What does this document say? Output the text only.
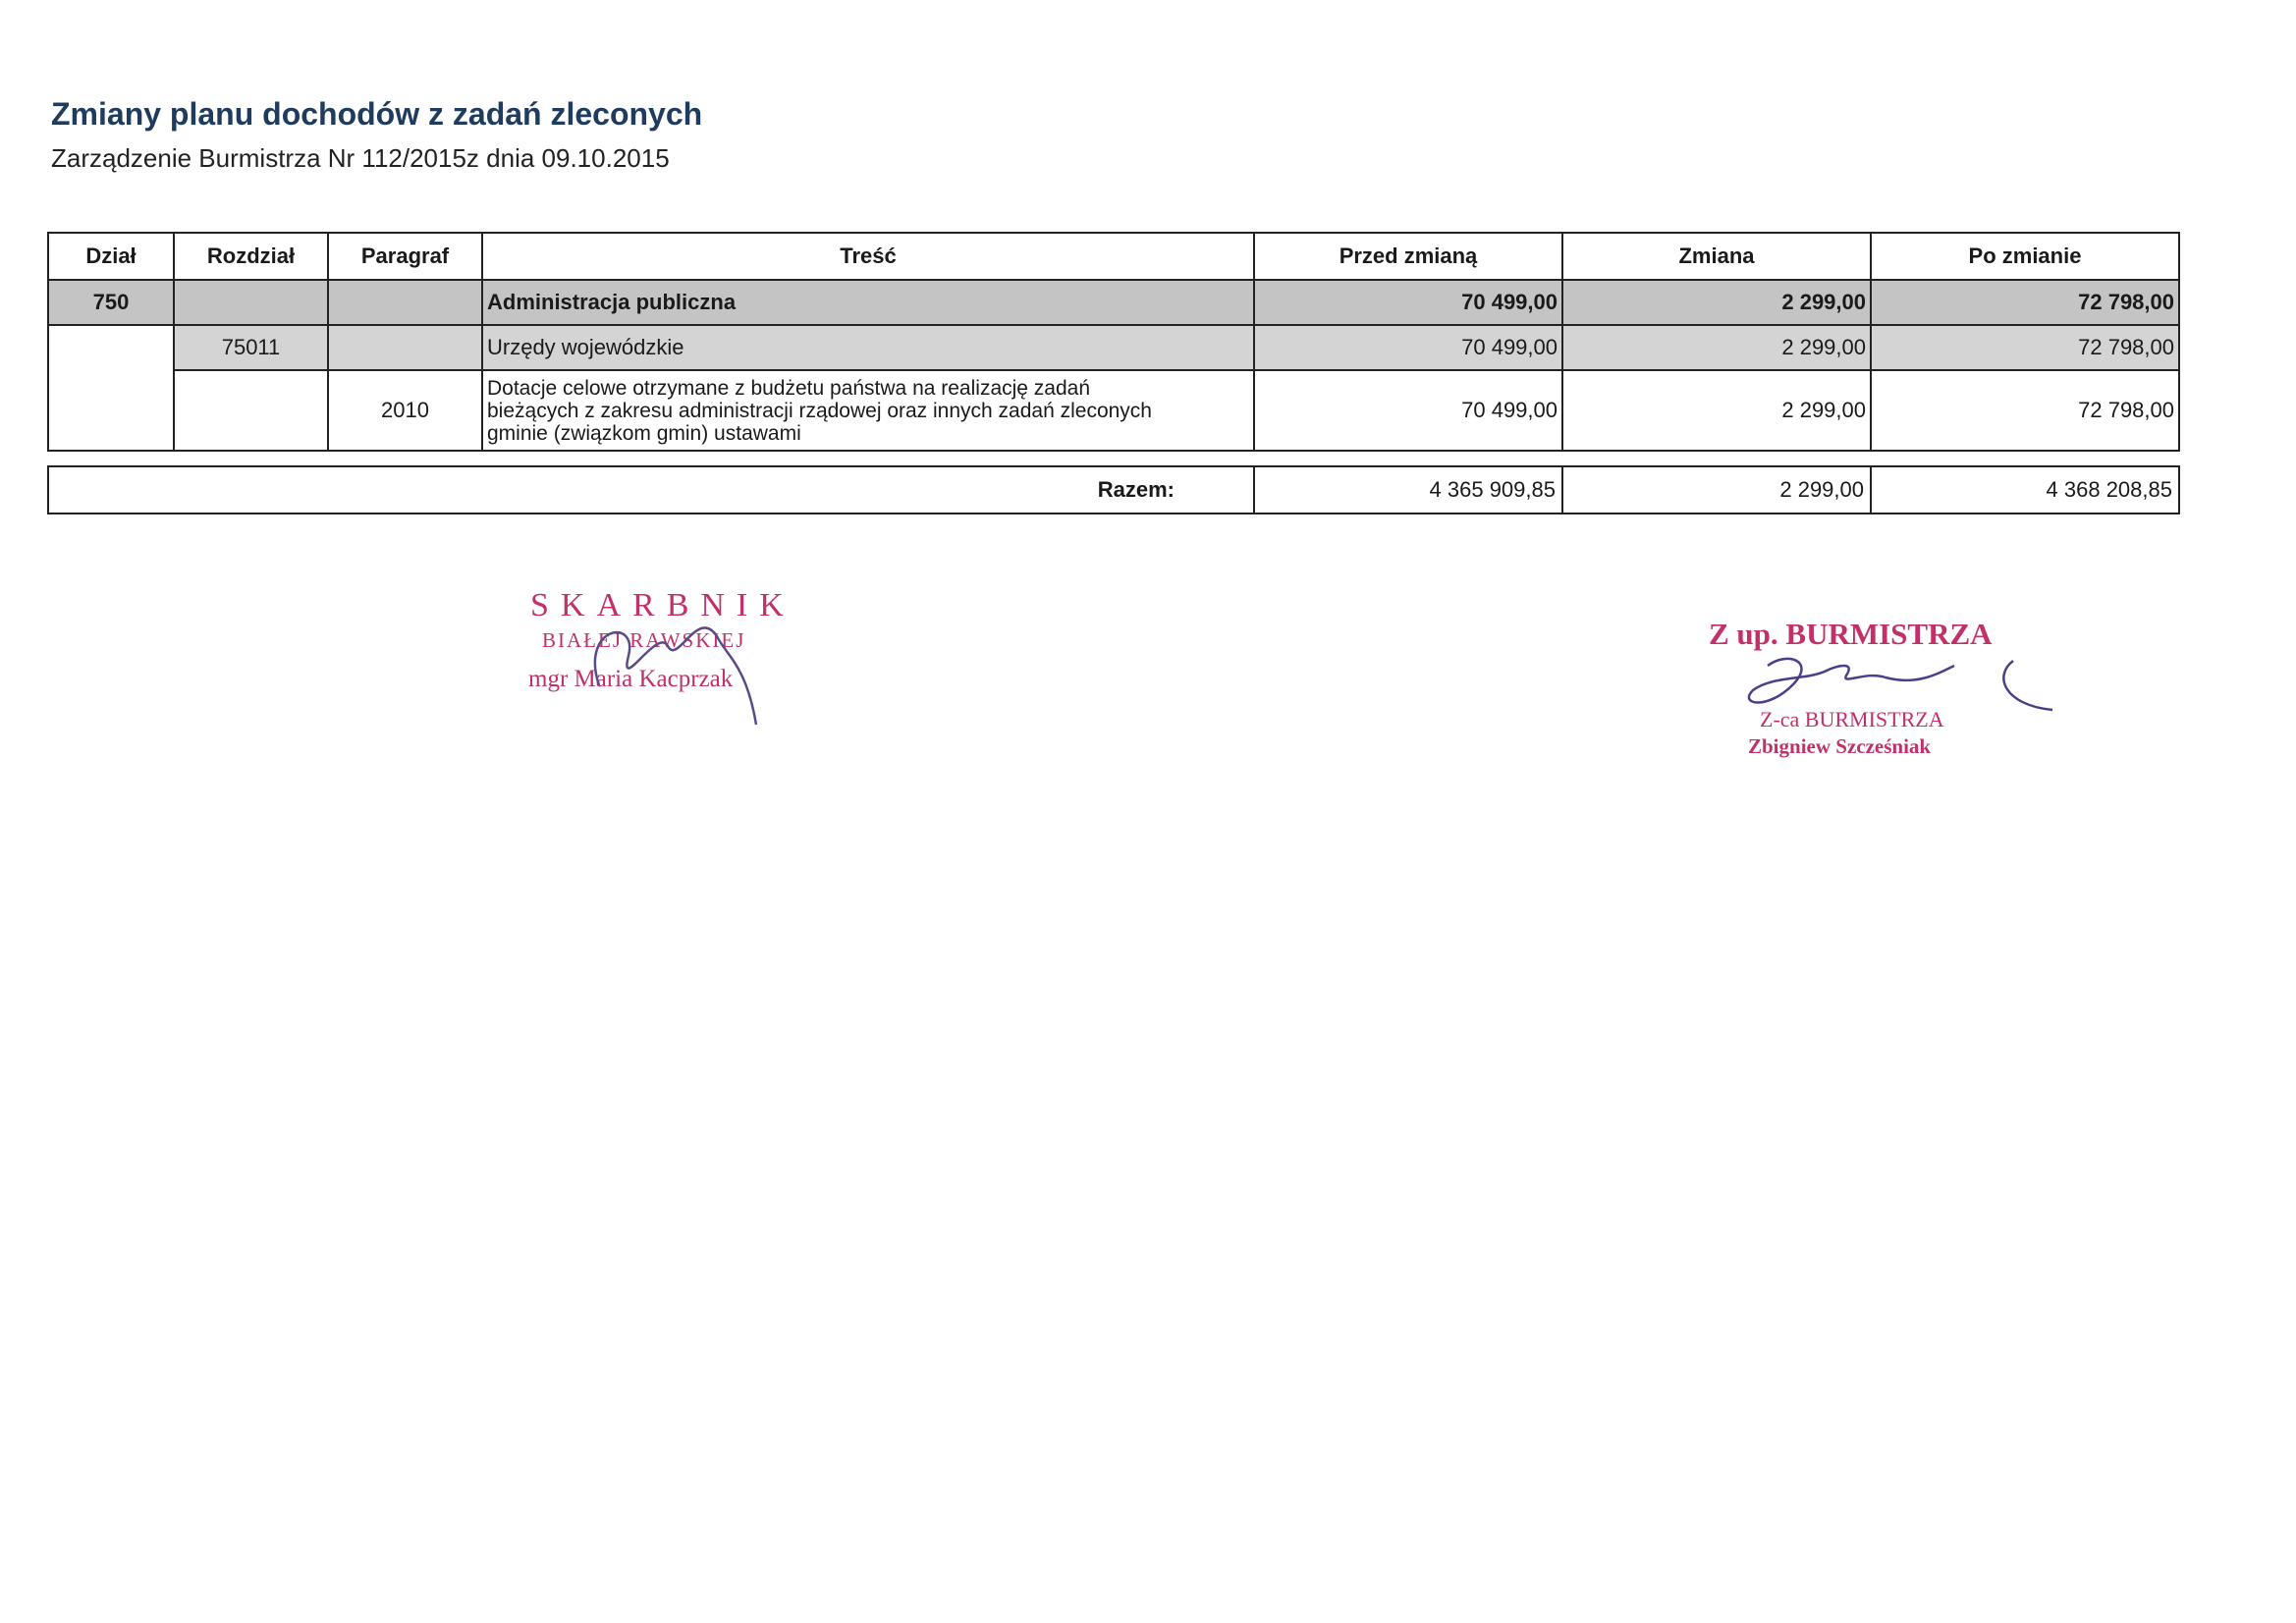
Zmiany planu dochodów z zadań zleconych
Zarządzenie Burmistrza Nr 112/2015z dnia 09.10.2015
Dział	Rozdział	Paragraf	Treść	Przed zmianą	Zmiana	Po zmianie
750			Administracja publiczna	70 499,00	2 299,00	72 798,00
	75011		Urzędy wojewódzkie	70 499,00	2 299,00	72 798,00
		2010	Dotacje celowe otrzymane z budżetu państwa na realizację zadań
bieżących z zakresu administracji rządowej oraz innych zadań zleconych
gminie (związkom gmin) ustawami	70 499,00	2 299,00	72 798,00
Razem:	4 365 909,85	2 299,00	4 368 208,85
SKARBNIK
BIAŁEJ RAWSKIEJ
mgr Maria Kacprzak
Z up. BURMISTRZA
Z-ca BURMISTRZA
Zbigniew Szcześniak
